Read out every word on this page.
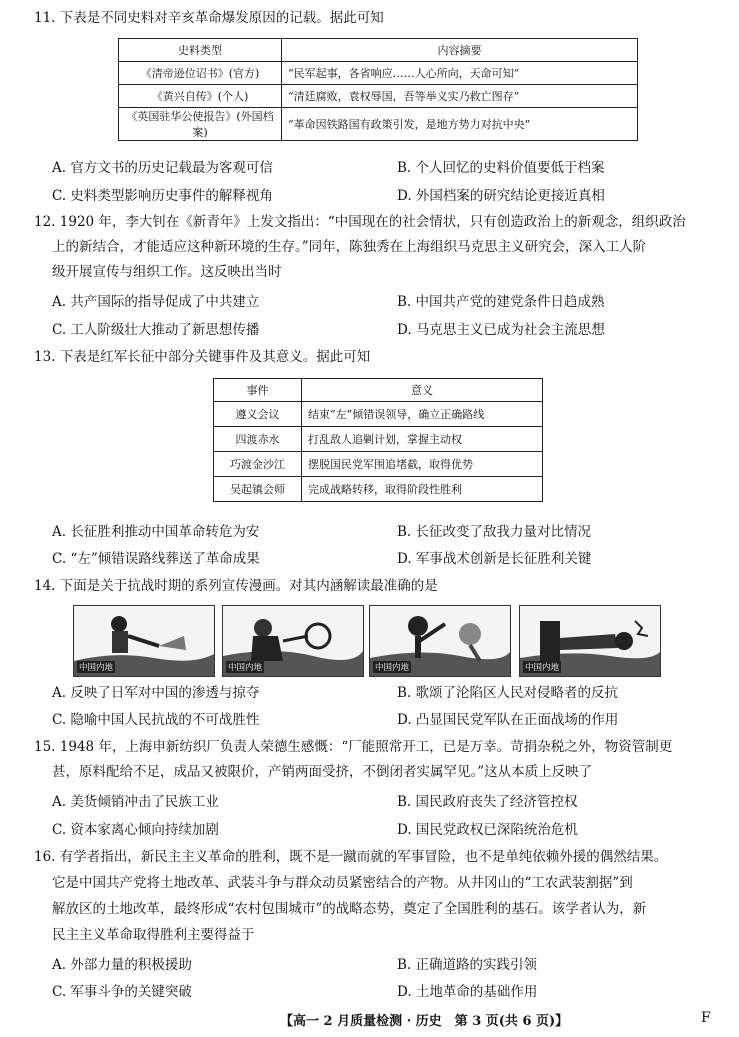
11. 下表是不同史料对辛亥革命爆发原因的记载。据此可知
史料类型	内容摘要
《清帝逊位诏书》(官方)	“民军起事，各省响应……人心所向，天命可知”
《黄兴自传》(个人)	“清廷腐败，袁权辱国，吾等举义实乃救亡图存”
《英国驻华公使报告》(外国档案)	“革命因铁路国有政策引发，是地方势力对抗中央”
A. 官方文书的历史记载最为客观可信	B. 个人回忆的史料价值要低于档案
C. 史料类型影响历史事件的解释视角	D. 外国档案的研究结论更接近真相
12. 1920 年，李大钊在《新青年》上发文指出：“中国现在的社会情状，只有创造政治上的新观念，组织政治
上的新结合，才能适应这种新环境的生存。”同年，陈独秀在上海组织马克思主义研究会，深入工人阶
级开展宣传与组织工作。这反映出当时
A. 共产国际的指导促成了中共建立	B. 中国共产党的建党条件日趋成熟
C. 工人阶级壮大推动了新思想传播	D. 马克思主义已成为社会主流思想
13. 下表是红军长征中部分关键事件及其意义。据此可知
事件	意义
遵义会议	结束“左”倾错误领导，确立正确路线
四渡赤水	打乱敌人追剿计划，掌握主动权
巧渡金沙江	摆脱国民党军围追堵截，取得优势
吴起镇会师	完成战略转移，取得阶段性胜利
A. 长征胜利推动中国革命转危为安	B. 长征改变了敌我力量对比情况
C. “左”倾错误路线葬送了革命成果	D. 军事战术创新是长征胜利关键
14. 下面是关于抗战时期的系列宣传漫画。对其内涵解读最准确的是
中国内地	中国内地	中国内地	中国内地
A. 反映了日军对中国的渗透与掠夺	B. 歌颂了沦陷区人民对侵略者的反抗
C. 隐喻中国人民抗战的不可战胜性	D. 凸显国民党军队在正面战场的作用
15. 1948 年，上海申新纺织厂负责人荣德生感慨：“厂能照常开工，已是万幸。苛捐杂税之外，物资管制更
甚，原料配给不足，成品又被限价，产销两面受挤，不倒闭者实属罕见。”这从本质上反映了
A. 美货倾销冲击了民族工业	B. 国民政府丧失了经济管控权
C. 资本家离心倾向持续加剧	D. 国民党政权已深陷统治危机
16. 有学者指出，新民主主义革命的胜利，既不是一蹴而就的军事冒险，也不是单纯依赖外援的偶然结果。
它是中国共产党将土地改革、武装斗争与群众动员紧密结合的产物。从井冈山的“工农武装割据”到
解放区的土地改革，最终形成“农村包围城市”的战略态势，奠定了全国胜利的基石。该学者认为，新
民主主义革命取得胜利主要得益于
A. 外部力量的积极援助	B. 正确道路的实践引领
C. 军事斗争的关键突破	D. 土地革命的基础作用
【高一 2 月质量检测 · 历史　第 3 页(共 6 页)】	F
